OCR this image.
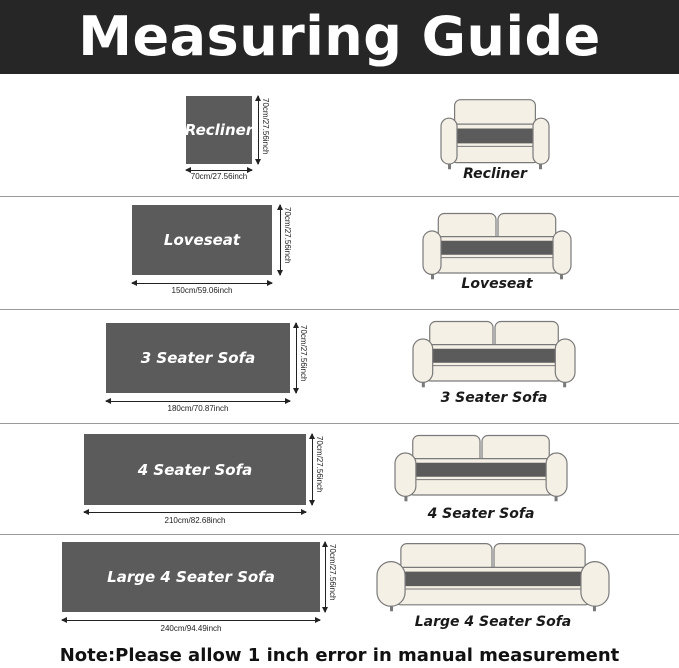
Measuring Guide
Recliner
70cm/27.56inch
70cm/27.56inch
Recliner
Loveseat
150cm/59.06inch
70cm/27.56inch
Loveseat
3 Seater Sofa
180cm/70.87inch
70cm/27.56inch
3 Seater Sofa
4 Seater Sofa
210cm/82.68inch
70cm/27.56inch
4 Seater Sofa
Large 4 Seater Sofa
240cm/94.49inch
70cm/27.56inch
Large 4 Seater Sofa
Note:Please allow 1 inch error in manual measurement
